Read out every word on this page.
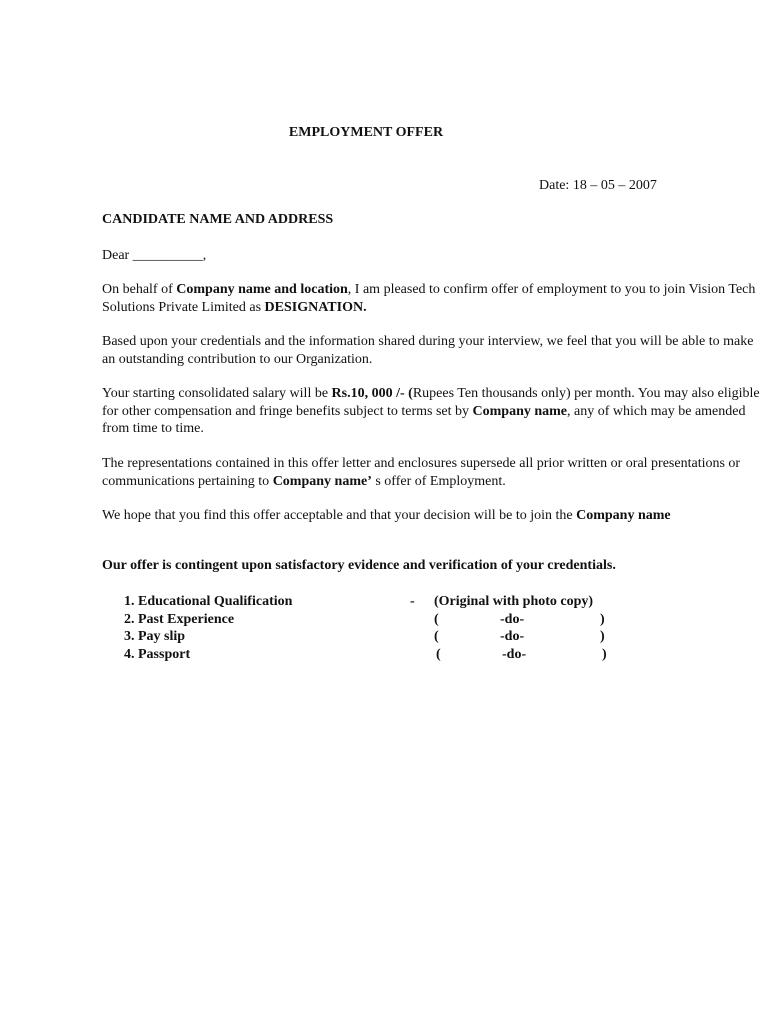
EMPLOYMENT OFFER
Date: 18 – 05 – 2007
CANDIDATE NAME AND ADDRESS

Dear __________,

On behalf of Company name and location, I am pleased to confirm offer of employment to you to join Vision Tech Solutions Private Limited as DESIGNATION.

Based upon your credentials and the information shared during your interview, we feel that you will be able to make an outstanding contribution to our Organization.

Your starting consolidated salary will be Rs.10, 000 /- (Rupees Ten thousands only) per month. You may also eligible for other compensation and fringe benefits subject to terms set by Company name, any of which may be amended from time to time.

The representations contained in this offer letter and enclosures supersede all prior written or oral presentations or communications pertaining to Company name’ s offer of Employment.

We hope that you find this offer acceptable and that your decision will be to join the Company name

Our offer is contingent upon satisfactory evidence and verification of your credentials.
1. Educational Qualification	- (Original with photo copy)
2. Past Experience	(	-do-	)
3. Pay slip	(	-do-	)
4. Passport	(	-do-	)
